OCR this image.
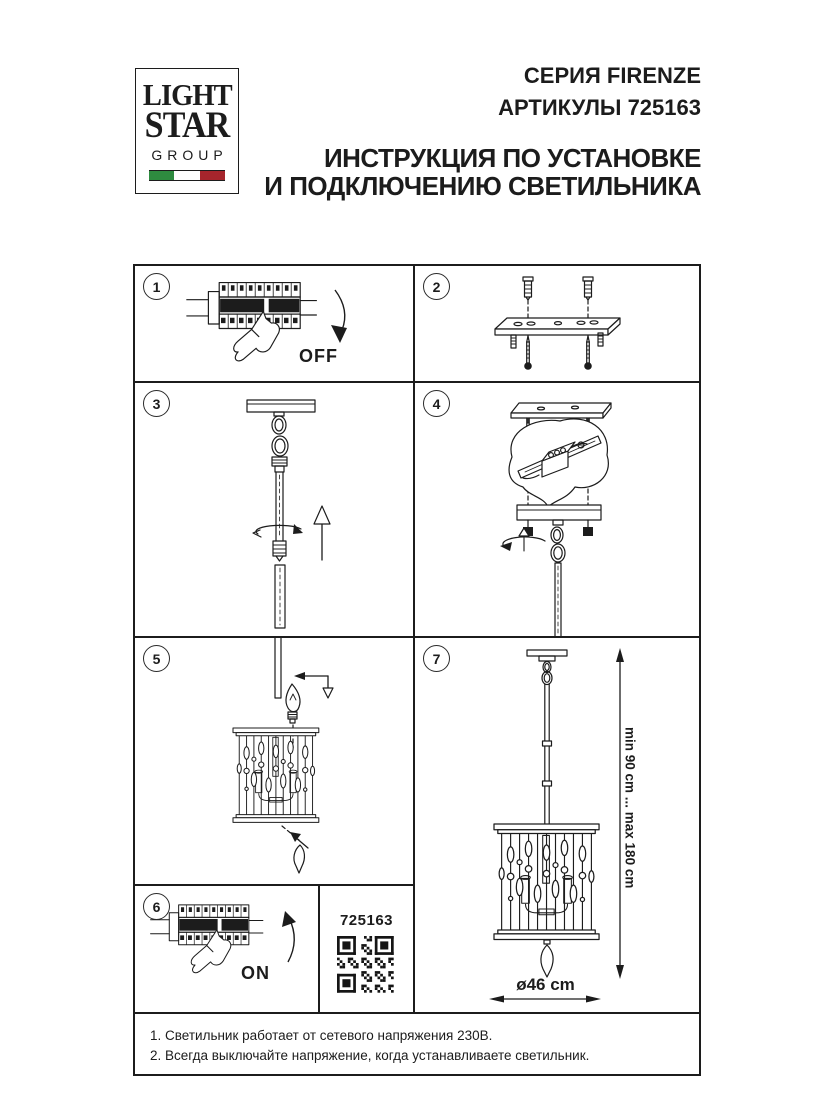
LIGHT
STAR
GROUP
СЕРИЯ FIRENZE
АРТИКУЛЫ 725163
ИНСТРУКЦИЯ ПО УСТАНОВКЕ
И ПОДКЛЮЧЕНИЮ СВЕТИЛЬНИКА
1
OFF
2
3	4
5	7
min 90 cm ... max 180 cm
ø46 cm
6
ON
725163
1. Светильник работает от сетевого напряжения 230В.
2. Всегда выключайте напряжение, когда устанавливаете светильник.
